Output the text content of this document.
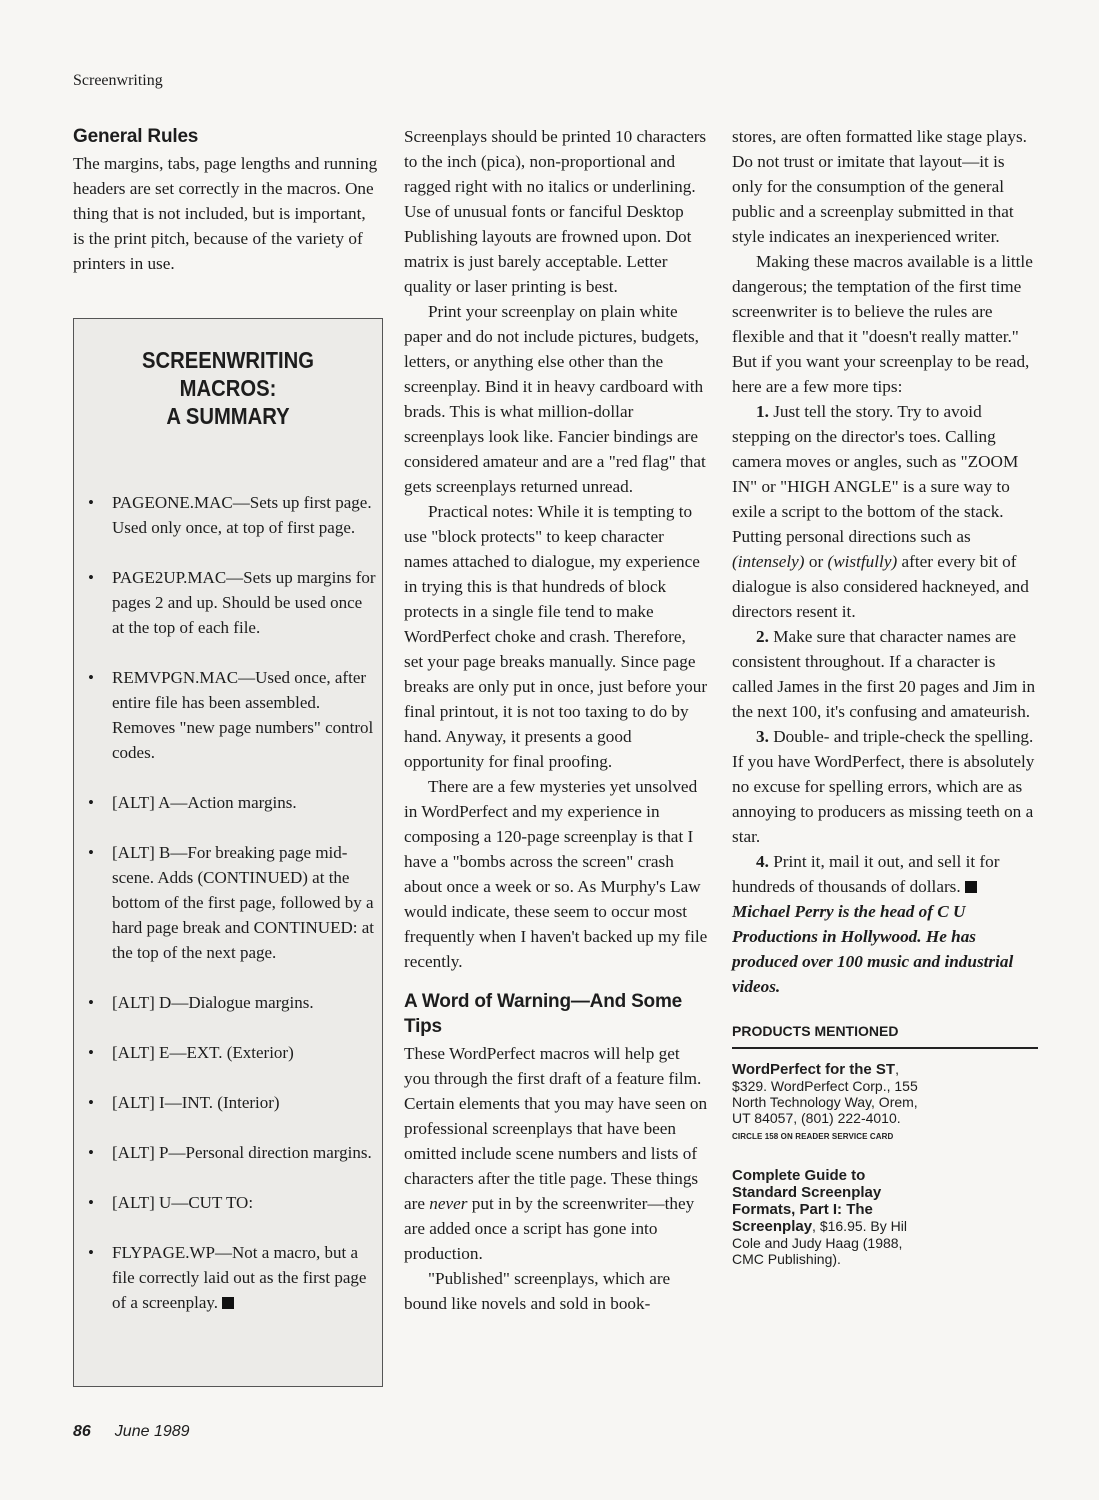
Screenwriting
General Rules

The margins, tabs, page lengths and running headers are set correctly in the macros. One thing that is not included, but is important, is the print pitch, because of the variety of printers in use.

SCREENWRITING
MACROS:
A SUMMARY
• PAGEONE.MAC—Sets up first page. Used only once, at top of first page.
• PAGE2UP.MAC—Sets up margins for pages 2 and up. Should be used once at the top of each file.
• REMVPGN.MAC—Used once, after entire file has been assembled. Removes "new page numbers" control codes.
• [ALT] A—Action margins.
• [ALT] B—For breaking page mid-scene. Adds (CONTINUED) at the bottom of the first page, followed by a hard page break and CONTINUED: at the top of the next page.
• [ALT] D—Dialogue margins.
• [ALT] E—EXT. (Exterior)
• [ALT] I—INT. (Interior)
• [ALT] P—Personal direction margins.
• [ALT] U—CUT TO:
• FLYPAGE.WP—Not a macro, but a file correctly laid out as the first page of a screenplay.

Screenplays should be printed 10 characters to the inch (pica), non-proportional and ragged right with no italics or underlining. Use of unusual fonts or fanciful Desktop Publishing layouts are frowned upon. Dot matrix is just barely acceptable. Letter quality or laser printing is best.

Print your screenplay on plain white paper and do not include pictures, budgets, letters, or anything else other than the screenplay. Bind it in heavy cardboard with brads. This is what million-dollar screenplays look like. Fancier bindings are considered amateur and are a "red flag" that gets screenplays returned unread.

Practical notes: While it is tempting to use "block protects" to keep character names attached to dialogue, my experience in trying this is that hundreds of block protects in a single file tend to make WordPerfect choke and crash. Therefore, set your page breaks manually. Since page breaks are only put in once, just before your final printout, it is not too taxing to do by hand. Anyway, it presents a good opportunity for final proofing.

There are a few mysteries yet unsolved in WordPerfect and my experience in composing a 120-page screenplay is that I have a "bombs across the screen" crash about once a week or so. As Murphy's Law would indicate, these seem to occur most frequently when I haven't backed up my file recently.

A Word of Warning—And Some Tips

These WordPerfect macros will help get you through the first draft of a feature film. Certain elements that you may have seen on professional screenplays that have been omitted include scene numbers and lists of characters after the title page. These things are never put in by the screenwriter—they are added once a script has gone into production.

"Published" screenplays, which are bound like novels and sold in book-

stores, are often formatted like stage plays. Do not trust or imitate that layout—it is only for the consumption of the general public and a screenplay submitted in that style indicates an inexperienced writer.

Making these macros available is a little dangerous; the temptation of the first time screenwriter is to believe the rules are flexible and that it "doesn't really matter." But if you want your screenplay to be read, here are a few more tips:

1. Just tell the story. Try to avoid stepping on the director's toes. Calling camera moves or angles, such as "ZOOM IN" or "HIGH ANGLE" is a sure way to exile a script to the bottom of the stack. Putting personal directions such as (intensely) or (wistfully) after every bit of dialogue is also considered hackneyed, and directors resent it.

2. Make sure that character names are consistent throughout. If a character is called James in the first 20 pages and Jim in the next 100, it's confusing and amateurish.

3. Double- and triple-check the spelling. If you have WordPerfect, there is absolutely no excuse for spelling errors, which are as annoying to producers as missing teeth on a star.

4. Print it, mail it out, and sell it for hundreds of thousands of dollars.

Michael Perry is the head of C U Productions in Hollywood. He has produced over 100 music and industrial videos.

PRODUCTS MENTIONED
WordPerfect for the ST, $329. WordPerfect Corp., 155 North Technology Way, Orem, UT 84057, (801) 222-4010.
CIRCLE 158 ON READER SERVICE CARD
Complete Guide to Standard Screenplay Formats, Part I: The Screenplay, $16.95. By Hil Cole and Judy Haag (1988, CMC Publishing).
86 June 1989
